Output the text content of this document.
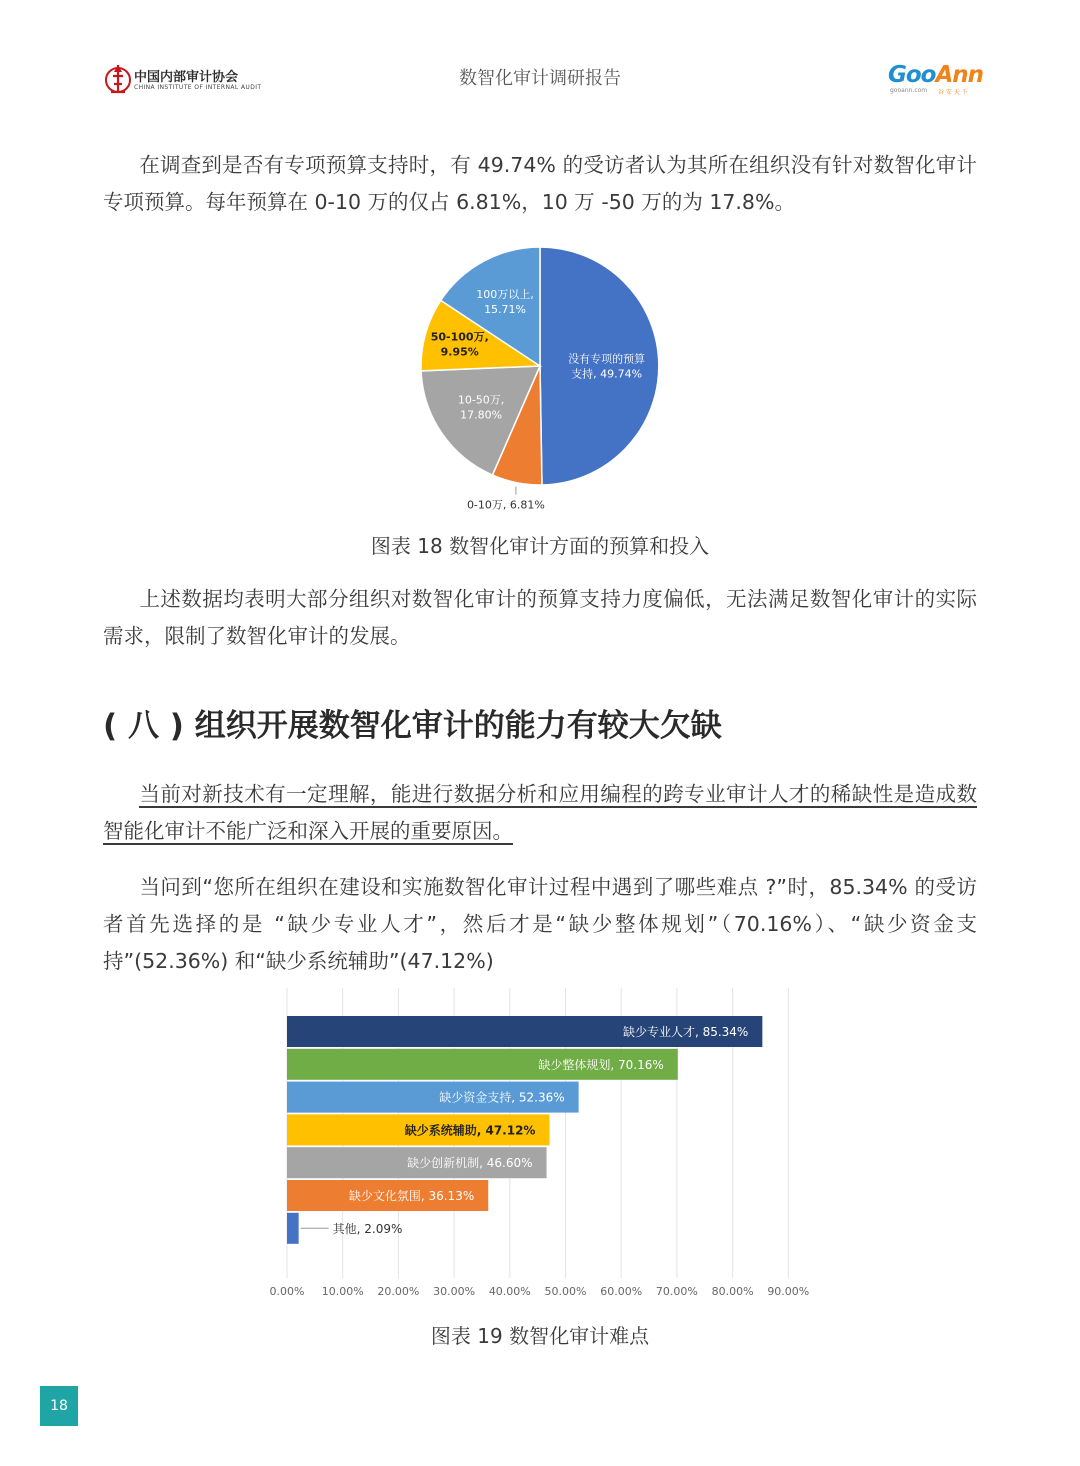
中国内部审计协会
CHINA INSTITUTE OF INTERNAL AUDIT	数智化审计调研报告	GooAnn
gooann.com 谷 安 天 下

在调查到是否有专项预算支持时，有 49.74% 的受访者认为其所在组织没有针对数智化审计专项预算。每年预算在 0-10 万的仅占 6.81%，10 万 -50 万的为 17.8%。

没有专项的预算支持, 49.74%
0-10万, 6.81%
10-50万, 17.80%
50-100万, 9.95%
100万以上, 15.71%
图表 18 数智化审计方面的预算和投入

上述数据均表明大部分组织对数智化审计的预算支持力度偏低，无法满足数智化审计的实际需求，限制了数智化审计的发展。

( 八 ) 组织开展数智化审计的能力有较大欠缺

当前对新技术有一定理解，能进行数据分析和应用编程的跨专业审计人才的稀缺性是造成数智能化审计不能广泛和深入开展的重要原因。

当问到“您所在组织在建设和实施数智化审计过程中遇到了哪些难点 ?”时，85.34% 的受访者首先选择的是 “缺少专业人才”，然后才是“缺少整体规划”（70.16%）、“缺少资金支持”(52.36%) 和“缺少系统辅助”(47.12%)

缺少专业人才, 85.34%
缺少整体规划, 70.16%
缺少资金支持, 52.36%
缺少系统辅助, 47.12%
缺少创新机制, 46.60%
缺少文化氛围, 36.13%
其他, 2.09%
0.00% 10.00% 20.00% 30.00% 40.00% 50.00% 60.00% 70.00% 80.00% 90.00%
图表 19 数智化审计难点
18
